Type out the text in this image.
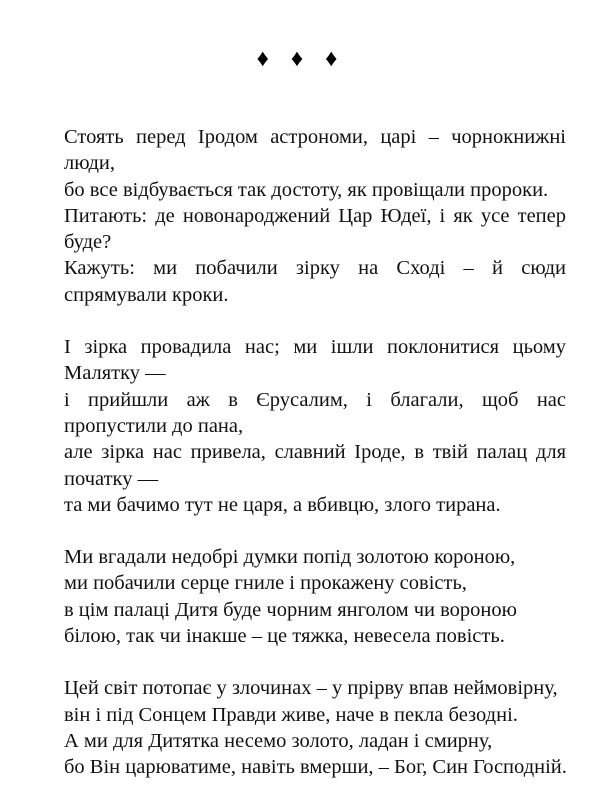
♦ ♦ ♦
Стоять перед Іродом астрономи, царі – чорнокнижні люди,
бо все відбувається так достоту, як провіщали пророки.
Питають: де новонароджений Цар Юдеї, і як усе тепер буде?
Кажуть: ми побачили зірку на Сході – й сюди спрямували кроки.
І зірка провадила нас; ми ішли поклонитися цьому Малятку —
і прийшли аж в Єрусалим, і благали, щоб нас пропустили до пана,
але зірка нас привела, славний Іроде, в твій палац для початку —
та ми бачимо тут не царя, а вбивцю, злого тирана.
Ми вгадали недобрі думки попід золотою короною,
ми побачили серце гниле і прокажену совість,
в цім палаці Дитя буде чорним янголом чи вороною
білою, так чи інакше – це тяжка, невесела повість.
Цей світ потопає у злочинах – у прірву впав неймовірну,
він і під Сонцем Правди живе, наче в пекла безодні.
А ми для Дитятка несемо золото, ладан і смирну,
бо Він царюватиме, навіть вмерши, – Бог, Син Господній.
